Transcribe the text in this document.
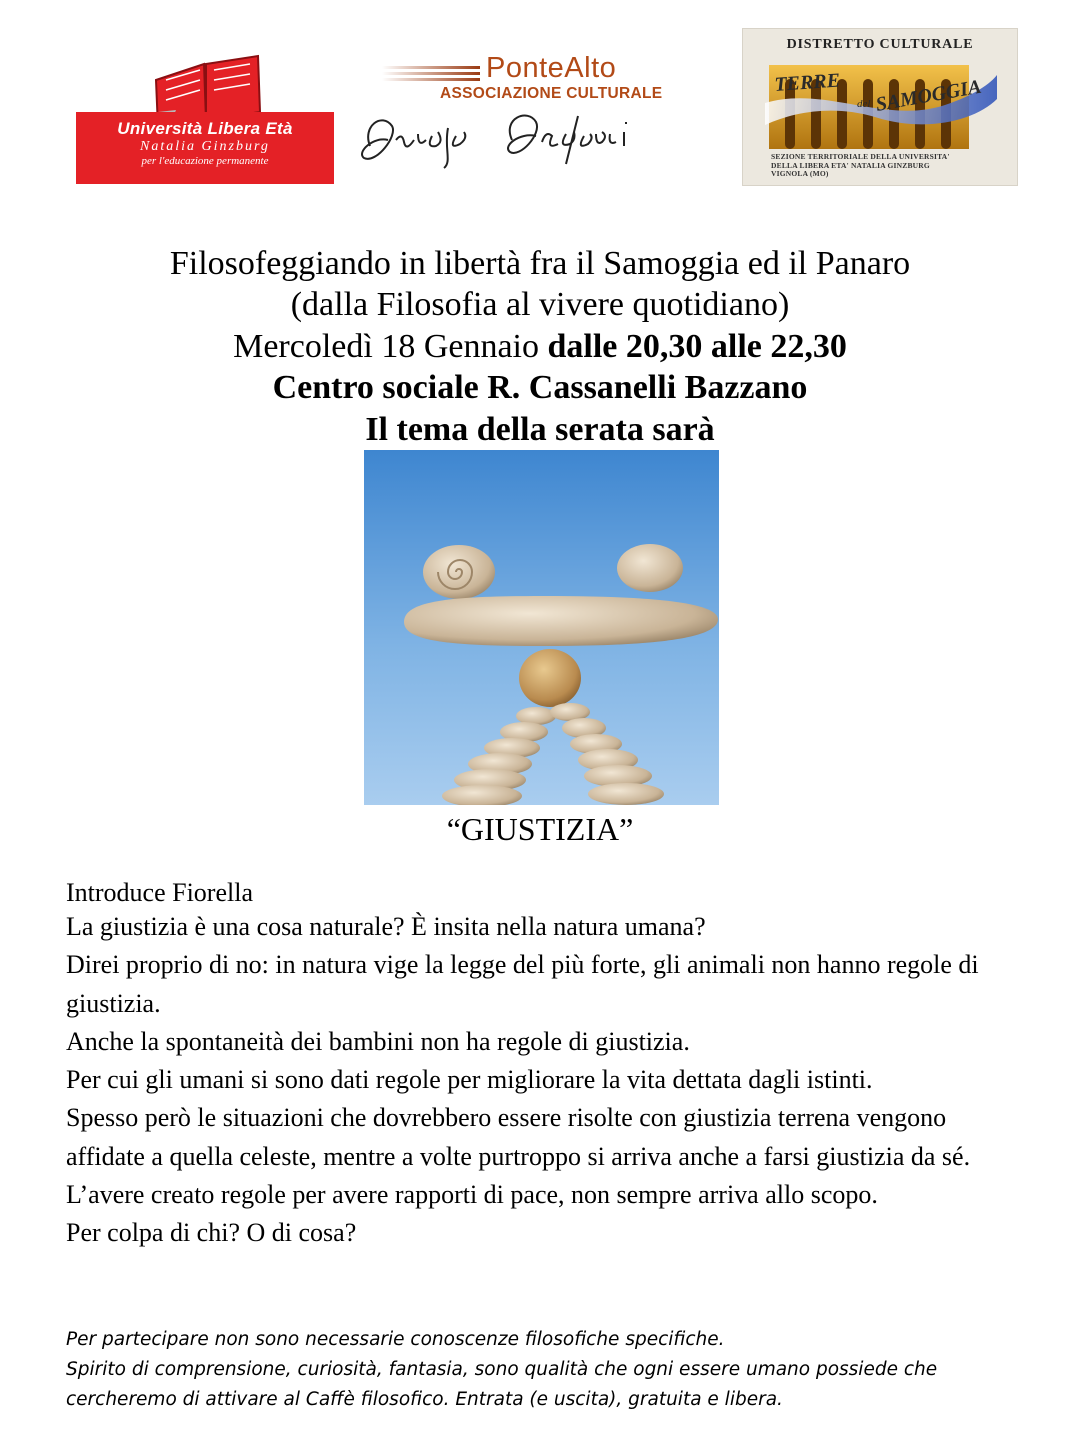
Università Libera Età
Natalia Ginzburg
per l'educazione permanente
PonteAlto
ASSOCIAZIONE CULTURALE
DISTRETTO CULTURALE
TERRE
del SAMOGGIA
SEZIONE TERRITORIALE DELLA UNIVERSITA'
DELLA LIBERA ETA' NATALIA GINZBURG
VIGNOLA (MO)
Filosofeggiando in libertà fra il Samoggia ed il Panaro
(dalla Filosofia al vivere quotidiano)
Mercoledì 18 Gennaio dalle 20,30 alle 22,30
Centro sociale R. Cassanelli Bazzano
Il tema della serata sarà
“GIUSTIZIA”
Introduce Fiorella

La giustizia è una cosa naturale? È insita nella natura umana?

Direi proprio di no: in natura vige la legge del più forte, gli animali non hanno regole di giustizia.

Anche la spontaneità dei bambini non ha regole di giustizia.

Per cui gli umani si sono dati regole per migliorare la vita dettata dagli istinti.

Spesso però le situazioni che dovrebbero essere risolte con giustizia terrena vengono affidate a quella celeste, mentre a volte purtroppo si arriva anche a farsi giustizia da sé.

L’avere creato regole per avere rapporti di pace, non sempre arriva allo scopo.

Per colpa di chi? O di cosa?

Per partecipare non sono necessarie conoscenze filosofiche specifiche.

Spirito di comprensione, curiosità, fantasia, sono qualità che ogni essere umano possiede che cercheremo di attivare al Caffè filosofico. Entrata (e uscita), gratuita e libera.
